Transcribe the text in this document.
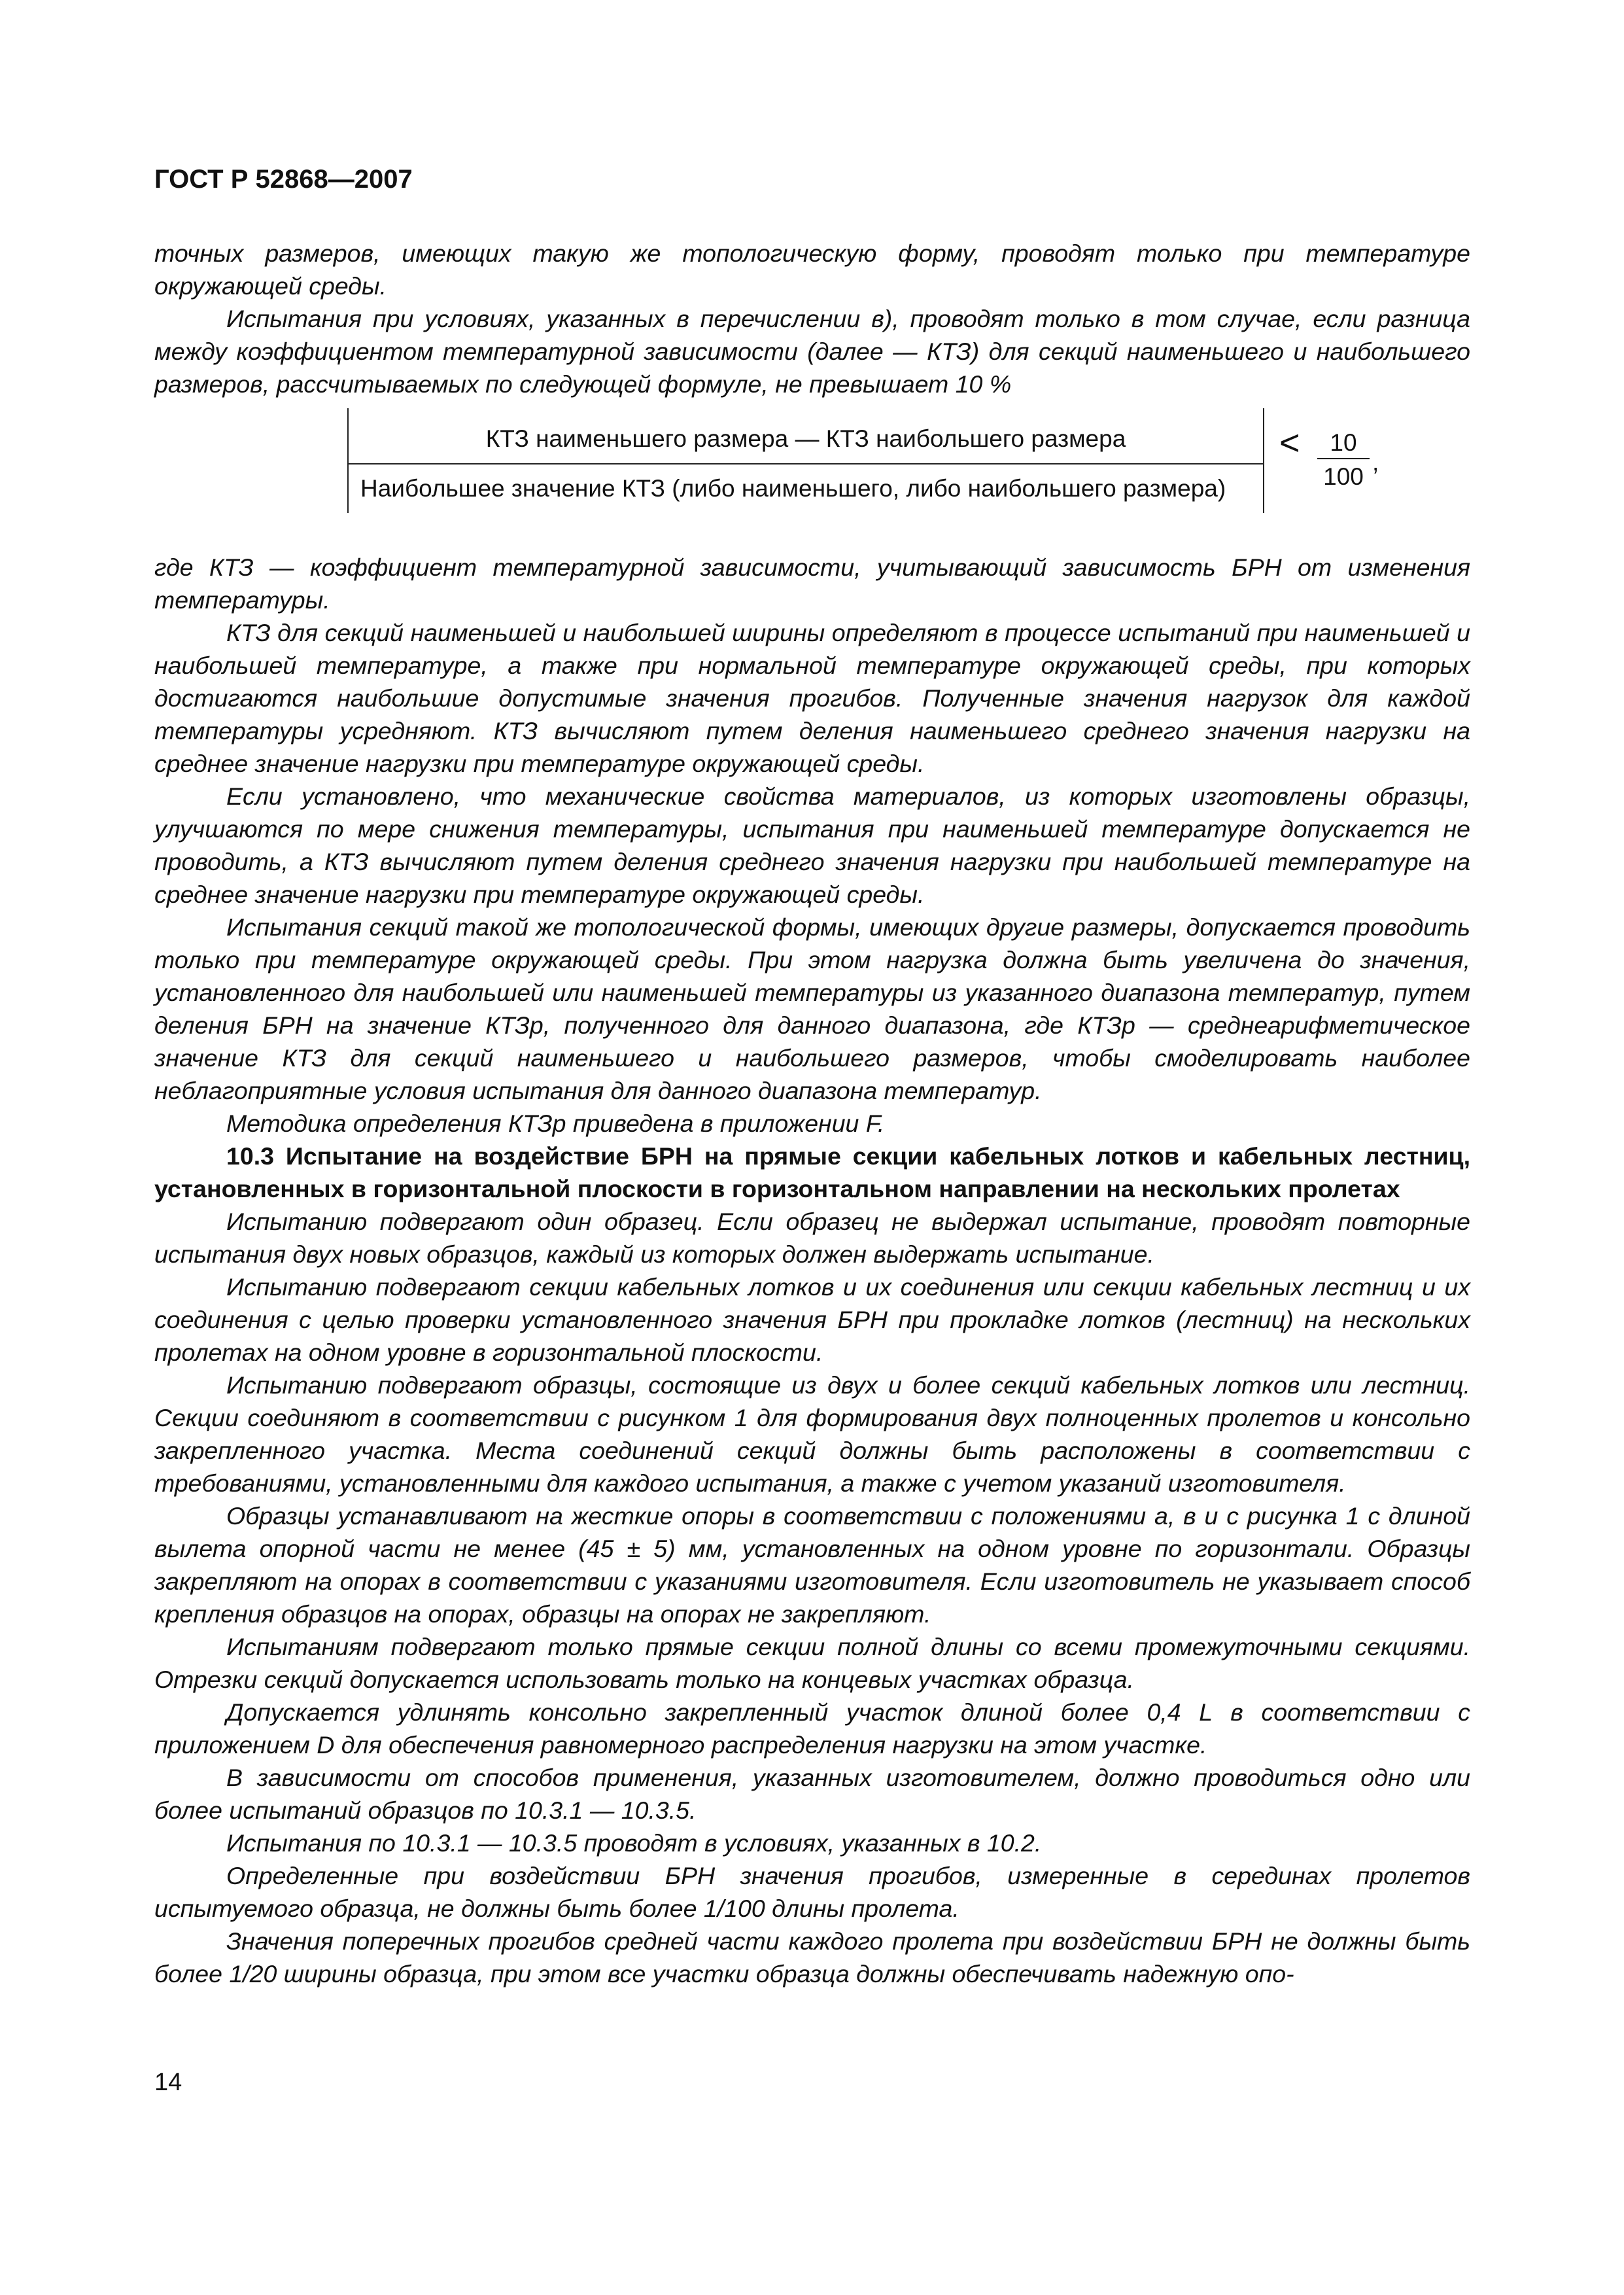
ГОСТ Р 52868—2007

точных размеров, имеющих такую же топологическую форму, проводят только при температуре окружающей среды.

Испытания при условиях, указанных в перечислении в), проводят только в том случае, если разница между коэффициентом температурной зависимости (далее — КТЗ) для секций наименьшего и наибольшего размеров, рассчитываемых по следующей формуле, не превышает 10 %

КТЗ наименьшего размера — КТЗ наибольшего размера
Наибольшее значение КТЗ (либо наименьшего, либо наибольшего размера)
<	10
100
,

где КТЗ — коэффициент температурной зависимости, учитывающий зависимость БРН от изменения температуры.

КТЗ для секций наименьшей и наибольшей ширины определяют в процессе испытаний при наименьшей и наибольшей температуре, а также при нормальной температуре окружающей среды, при которых достигаются наибольшие допустимые значения прогибов. Полученные значения нагрузок для каждой температуры усредняют. КТЗ вычисляют путем деления наименьшего среднего значения нагрузки на среднее значение нагрузки при температуре окружающей среды.

Если установлено, что механические свойства материалов, из которых изготовлены образцы, улучшаются по мере снижения температуры, испытания при наименьшей температуре допускается не проводить, а КТЗ вычисляют путем деления среднего значения нагрузки при наибольшей температуре на среднее значение нагрузки при температуре окружающей среды.

Испытания секций такой же топологической формы, имеющих другие размеры, допускается проводить только при температуре окружающей среды. При этом нагрузка должна быть увеличена до значения, установленного для наибольшей или наименьшей температуры из указанного диапазона температур, путем деления БРН на значение КТЗр, полученного для данного диапазона, где КТЗр — среднеарифметическое значение КТЗ для секций наименьшего и наибольшего размеров, чтобы смоделировать наиболее неблагоприятные условия испытания для данного диапазона температур.

Методика определения КТЗр приведена в приложении F.

10.3 Испытание на воздействие БРН на прямые секции кабельных лотков и кабельных лестниц, установленных в горизонтальной плоскости в горизонтальном направлении на нескольких пролетах

Испытанию подвергают один образец. Если образец не выдержал испытание, проводят повторные испытания двух новых образцов, каждый из которых должен выдержать испытание.

Испытанию подвергают секции кабельных лотков и их соединения или секции кабельных лестниц и их соединения с целью проверки установленного значения БРН при прокладке лотков (лестниц) на нескольких пролетах на одном уровне в горизонтальной плоскости.

Испытанию подвергают образцы, состоящие из двух и более секций кабельных лотков или лестниц. Секции соединяют в соответствии с рисунком 1 для формирования двух полноценных пролетов и консольно закрепленного участка. Места соединений секций должны быть расположены в соответствии с требованиями, установленными для каждого испытания, а также с учетом указаний изготовителя.

Образцы устанавливают на жесткие опоры в соответствии с положениями а, в и с рисунка 1 с длиной вылета опорной части не менее (45 ± 5) мм, установленных на одном уровне по горизонтали. Образцы закрепляют на опорах в соответствии с указаниями изготовителя. Если изготовитель не указывает способ крепления образцов на опорах, образцы на опорах не закрепляют.

Испытаниям подвергают только прямые секции полной длины со всеми промежуточными секциями. Отрезки секций допускается использовать только на концевых участках образца.

Допускается удлинять консольно закрепленный участок длиной более 0,4 L в соответствии с приложением D для обеспечения равномерного распределения нагрузки на этом участке.

В зависимости от способов применения, указанных изготовителем, должно проводиться одно или более испытаний образцов по 10.3.1 — 10.3.5.

Испытания по 10.3.1 — 10.3.5 проводят в условиях, указанных в 10.2.

Определенные при воздействии БРН значения прогибов, измеренные в серединах пролетов испытуемого образца, не должны быть более 1/100 длины пролета.

Значения поперечных прогибов средней части каждого пролета при воздействии БРН не должны быть более 1/20 ширины образца, при этом все участки образца должны обеспечивать надежную опо-

14
